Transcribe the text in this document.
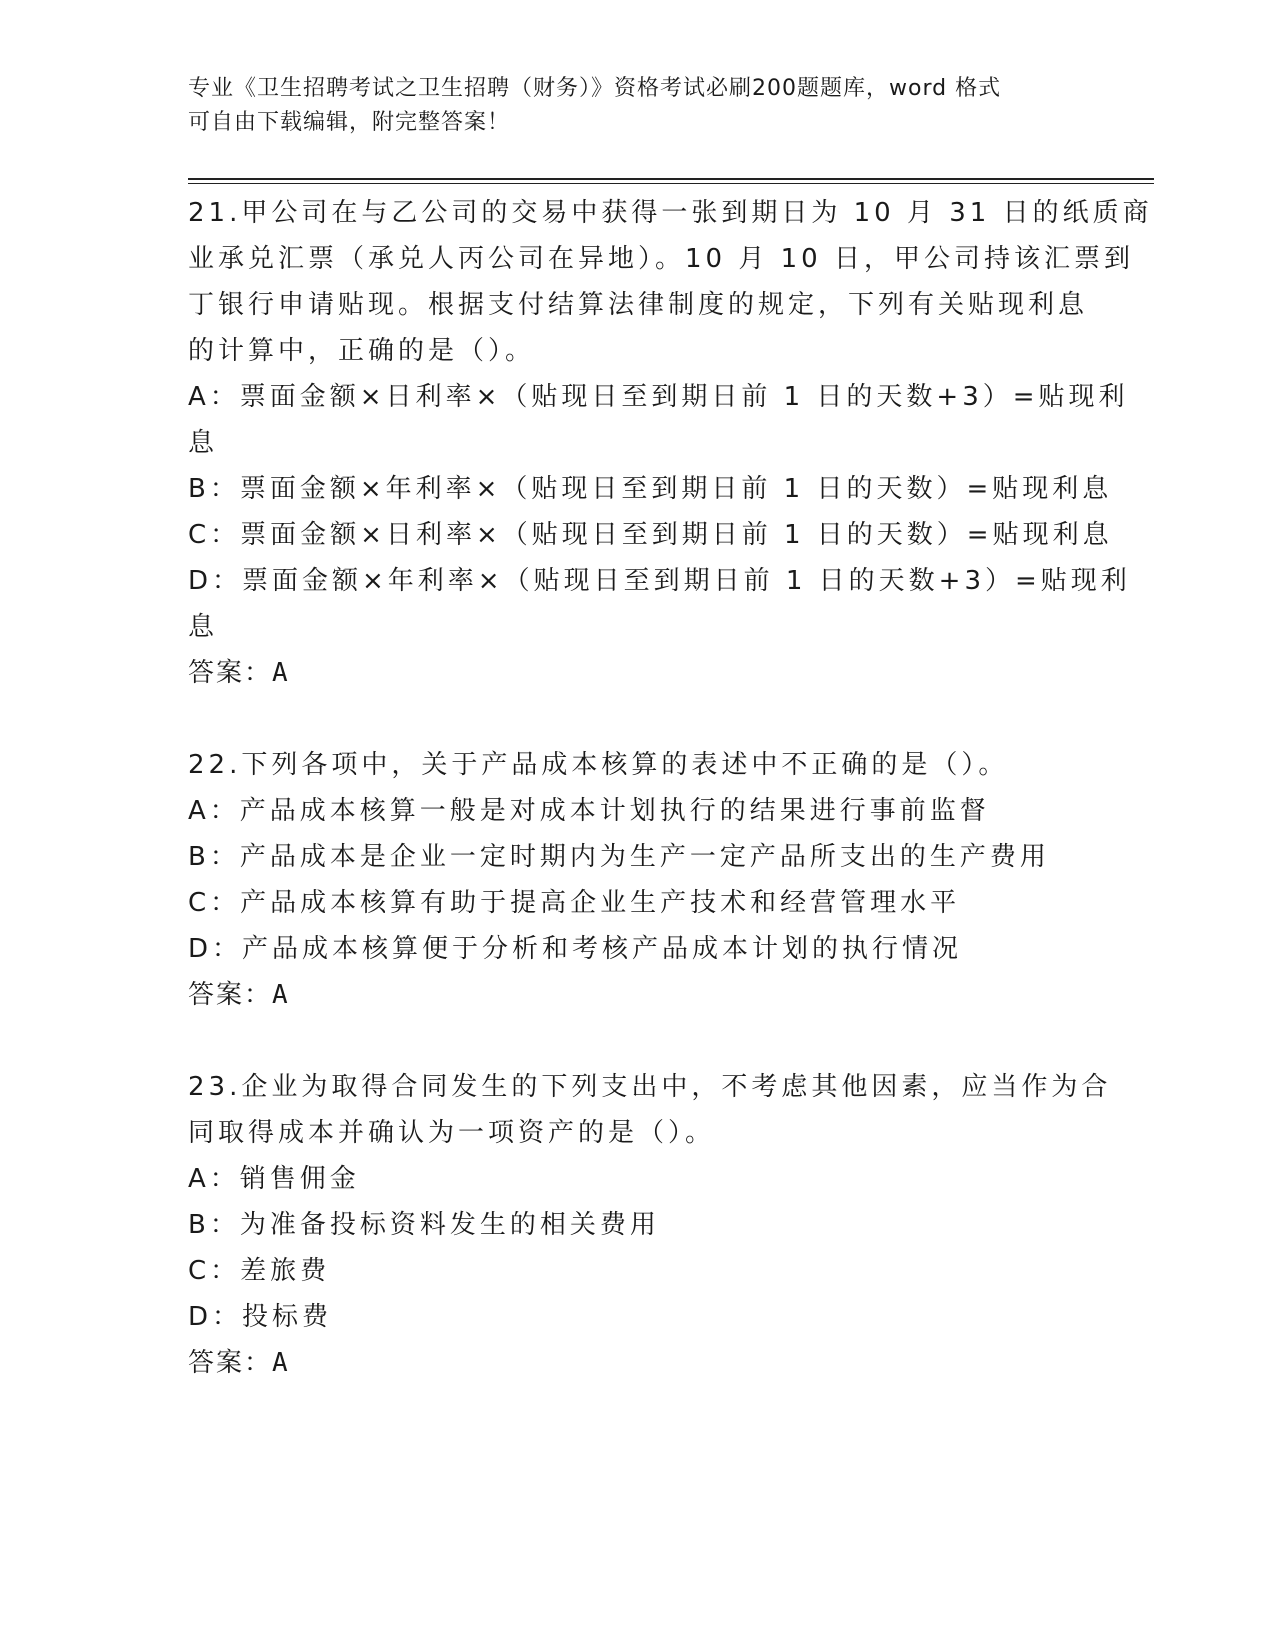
专业《卫生招聘考试之卫生招聘（财务）》资格考试必刷200题题库，word 格式
可自由下载编辑，附完整答案！
21.甲公司在与乙公司的交易中获得一张到期日为 10 月 31 日的纸质商
业承兑汇票（承兑人丙公司在异地）。10 月 10 日，甲公司持该汇票到
丁银行申请贴现。根据支付结算法律制度的规定，下列有关贴现利息
的计算中，正确的是（）。
A：票面金额×日利率×（贴现日至到期日前 1 日的天数+3）=贴现利
息
B：票面金额×年利率×（贴现日至到期日前 1 日的天数）=贴现利息
C：票面金额×日利率×（贴现日至到期日前 1 日的天数）=贴现利息
D：票面金额×年利率×（贴现日至到期日前 1 日的天数+3）=贴现利
息
答案：A
22.下列各项中，关于产品成本核算的表述中不正确的是（）。
A：产品成本核算一般是对成本计划执行的结果进行事前监督
B：产品成本是企业一定时期内为生产一定产品所支出的生产费用
C：产品成本核算有助于提高企业生产技术和经营管理水平
D：产品成本核算便于分析和考核产品成本计划的执行情况
答案：A
23.企业为取得合同发生的下列支出中，不考虑其他因素，应当作为合
同取得成本并确认为一项资产的是（）。
A：销售佣金
B：为准备投标资料发生的相关费用
C：差旅费
D：投标费
答案：A
